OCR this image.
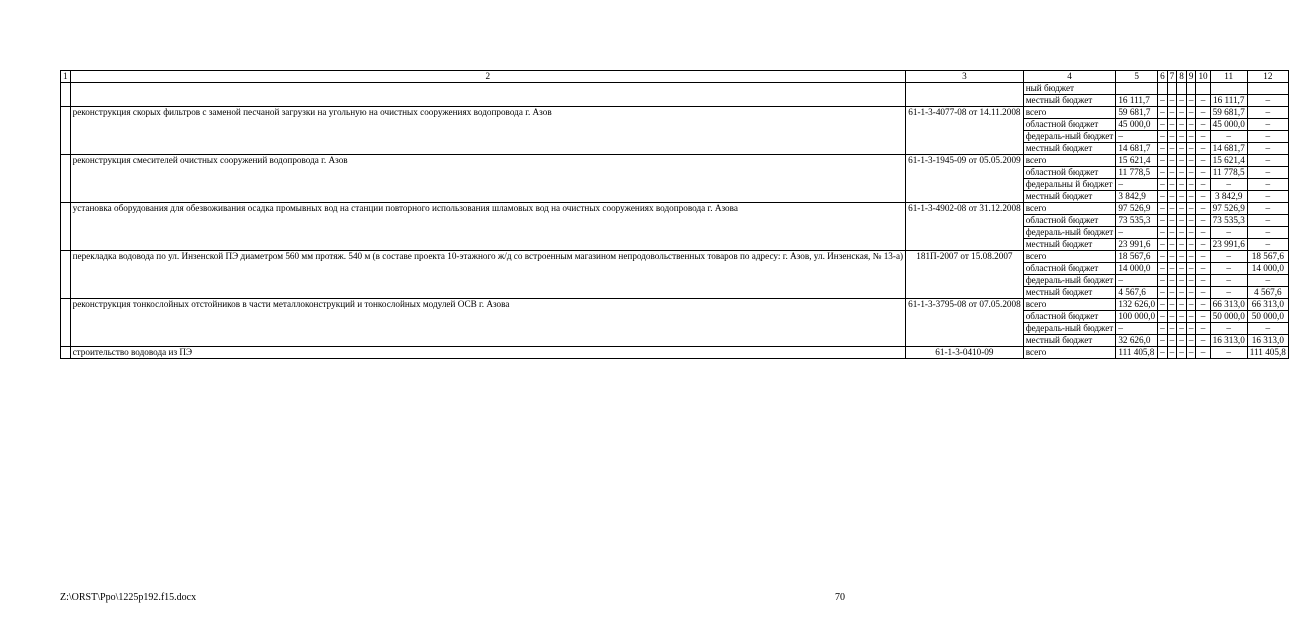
1	2	3	4	5	6	7	8	9	10	11	12
			ный бюджет								
			местный бюджет	16 111,7	–	–	–	–	–	16 111,7	–
	реконструкция скорых фильтров с заменой песчаной загрузки на угольную на очистных сооружениях водопровода г. Азов	61-1-3-4077-08 от 14.11.2008	всего	59 681,7	–	–	–	–	–	59 681,7	–
			областной бюджет	45 000,0	–	–	–	–	–	45 000,0	–
			федераль-ный бюджет	–	–	–	–	–	–	–	–
			местный бюджет	14 681,7	–	–	–	–	–	14 681,7	–
	реконструкция смесителей очистных сооружений водопровода г. Азов	61-1-3-1945-09 от 05.05.2009	всего	15 621,4	–	–	–	–	–	15 621,4	–
			областной бюджет	11 778,5	–	–	–	–	–	11 778,5	–
			федеральны й бюджет	–	–	–	–	–	–	–	–
			местный бюджет	3 842,9	–	–	–	–	–	3 842,9	–
	установка оборудования для обезвоживания осадка промывных вод на станции повторного использования шламовых вод на очистных сооружениях водопровода г. Азова	61-1-3-4902-08 от 31.12.2008	всего	97 526,9	–	–	–	–	–	97 526,9	–
			областной бюджет	73 535,3	–	–	–	–	–	73 535,3	–
			федераль-ный бюджет	–	–	–	–	–	–	–	–
			местный бюджет	23 991,6	–	–	–	–	–	23 991,6	–
	перекладка водовода по ул. Инзенской ПЭ диаметром 560 мм протяж. 540 м (в составе проекта 10-этажного ж/д со встроенным магазином непродовольственных товаров по адресу: г. Азов, ул. Инзенская, № 13-а)	181П-2007 от 15.08.2007	всего	18 567,6	–	–	–	–	–	–	18 567,6
			областной бюджет	14 000,0	–	–	–	–	–	–	14 000,0
			федераль-ный бюджет	–	–	–	–	–	–	–	–
			местный бюджет	4 567,6	–	–	–	–	–	–	4 567,6
	реконструкция тонкослойных отстойников в части металлоконструкций и тонкослойных модулей ОСВ г. Азова	61-1-3-3795-08 от 07.05.2008	всего	132 626,0	–	–	–	–	–	66 313,0	66 313,0
			областной бюджет	100 000,0	–	–	–	–	–	50 000,0	50 000,0
			федераль-ный бюджет	–	–	–	–	–	–	–	–
			местный бюджет	32 626,0	–	–	–	–	–	16 313,0	16 313,0
	строительство водовода из ПЭ	61-1-3-0410-09	всего	111 405,8	–	–	–	–	–	–	111 405,8
Z:\ORST\Ppo\1225p192.f15.docx	70
